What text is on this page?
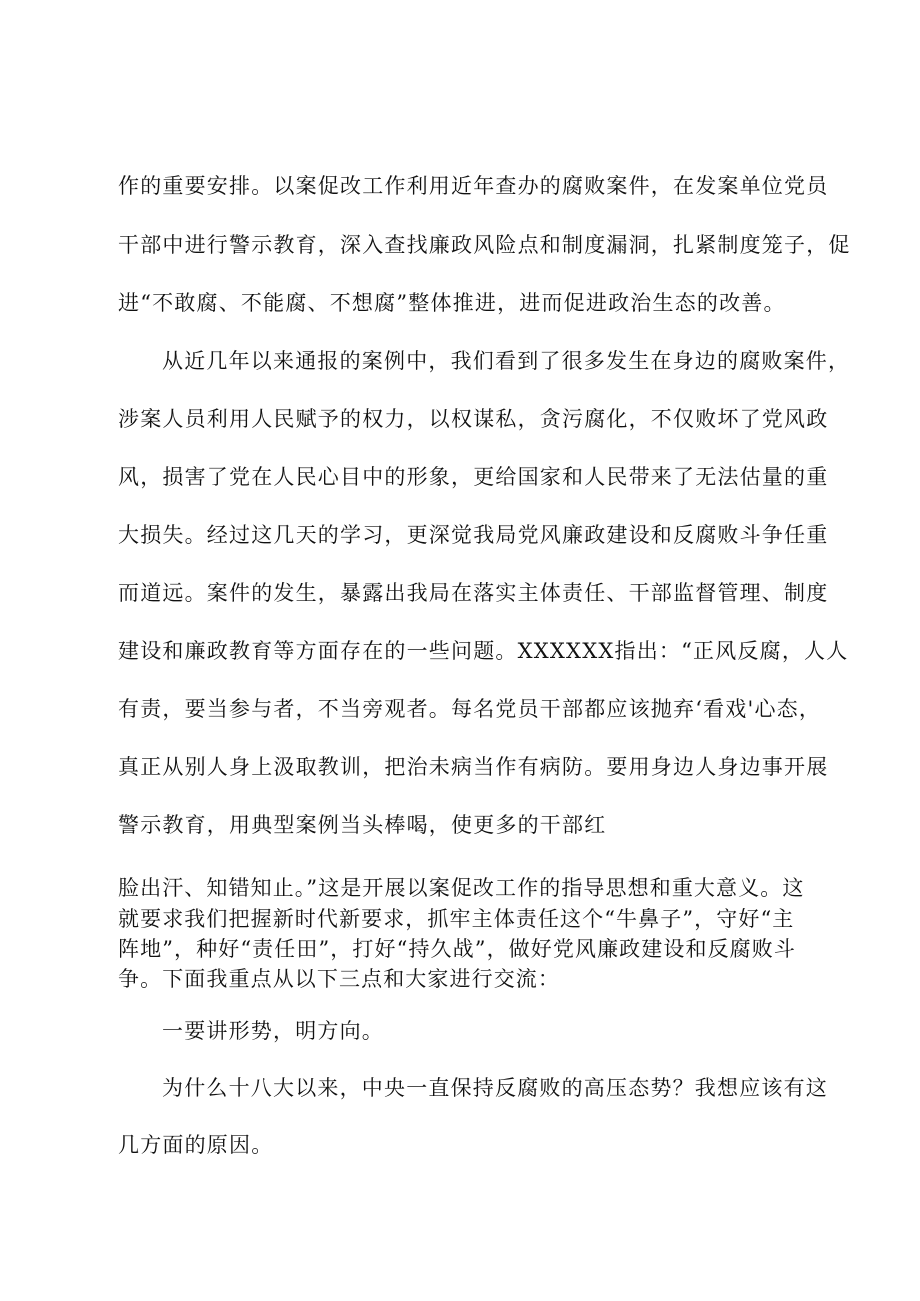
作的重要安排。以案促改工作利用近年查办的腐败案件，在发案单位党员
干部中进行警示教育，深入查找廉政风险点和制度漏洞，扎紧制度笼子，促
进“不敢腐、不能腐、不想腐”整体推进，进而促进政治生态的改善。
从近几年以来通报的案例中，我们看到了很多发生在身边的腐败案件，
涉案人员利用人民赋予的权力，以权谋私，贪污腐化，不仅败坏了党风政
风，损害了党在人民心目中的形象，更给国家和人民带来了无法估量的重
大损失。经过这几天的学习，更深觉我局党风廉政建设和反腐败斗争任重
而道远。案件的发生，暴露出我局在落实主体责任、干部监督管理、制度
建设和廉政教育等方面存在的一些问题。XXXXXX指出：“正风反腐，人人
有责，要当参与者，不当旁观者。每名党员干部都应该抛弃‘看戏'心态，
真正从别人身上汲取教训，把治未病当作有病防。要用身边人身边事开展
警示教育，用典型案例当头棒喝，使更多的干部红
脸出汗、知错知止。”这是开展以案促改工作的指导思想和重大意义。这
就要求我们把握新时代新要求，抓牢主体责任这个“牛鼻子”，守好“主
阵地”，种好“责任田”，打好“持久战”，做好党风廉政建设和反腐败斗
争。下面我重点从以下三点和大家进行交流：
一要讲形势，明方向。
为什么十八大以来，中央一直保持反腐败的高压态势？我想应该有这
几方面的原因。
